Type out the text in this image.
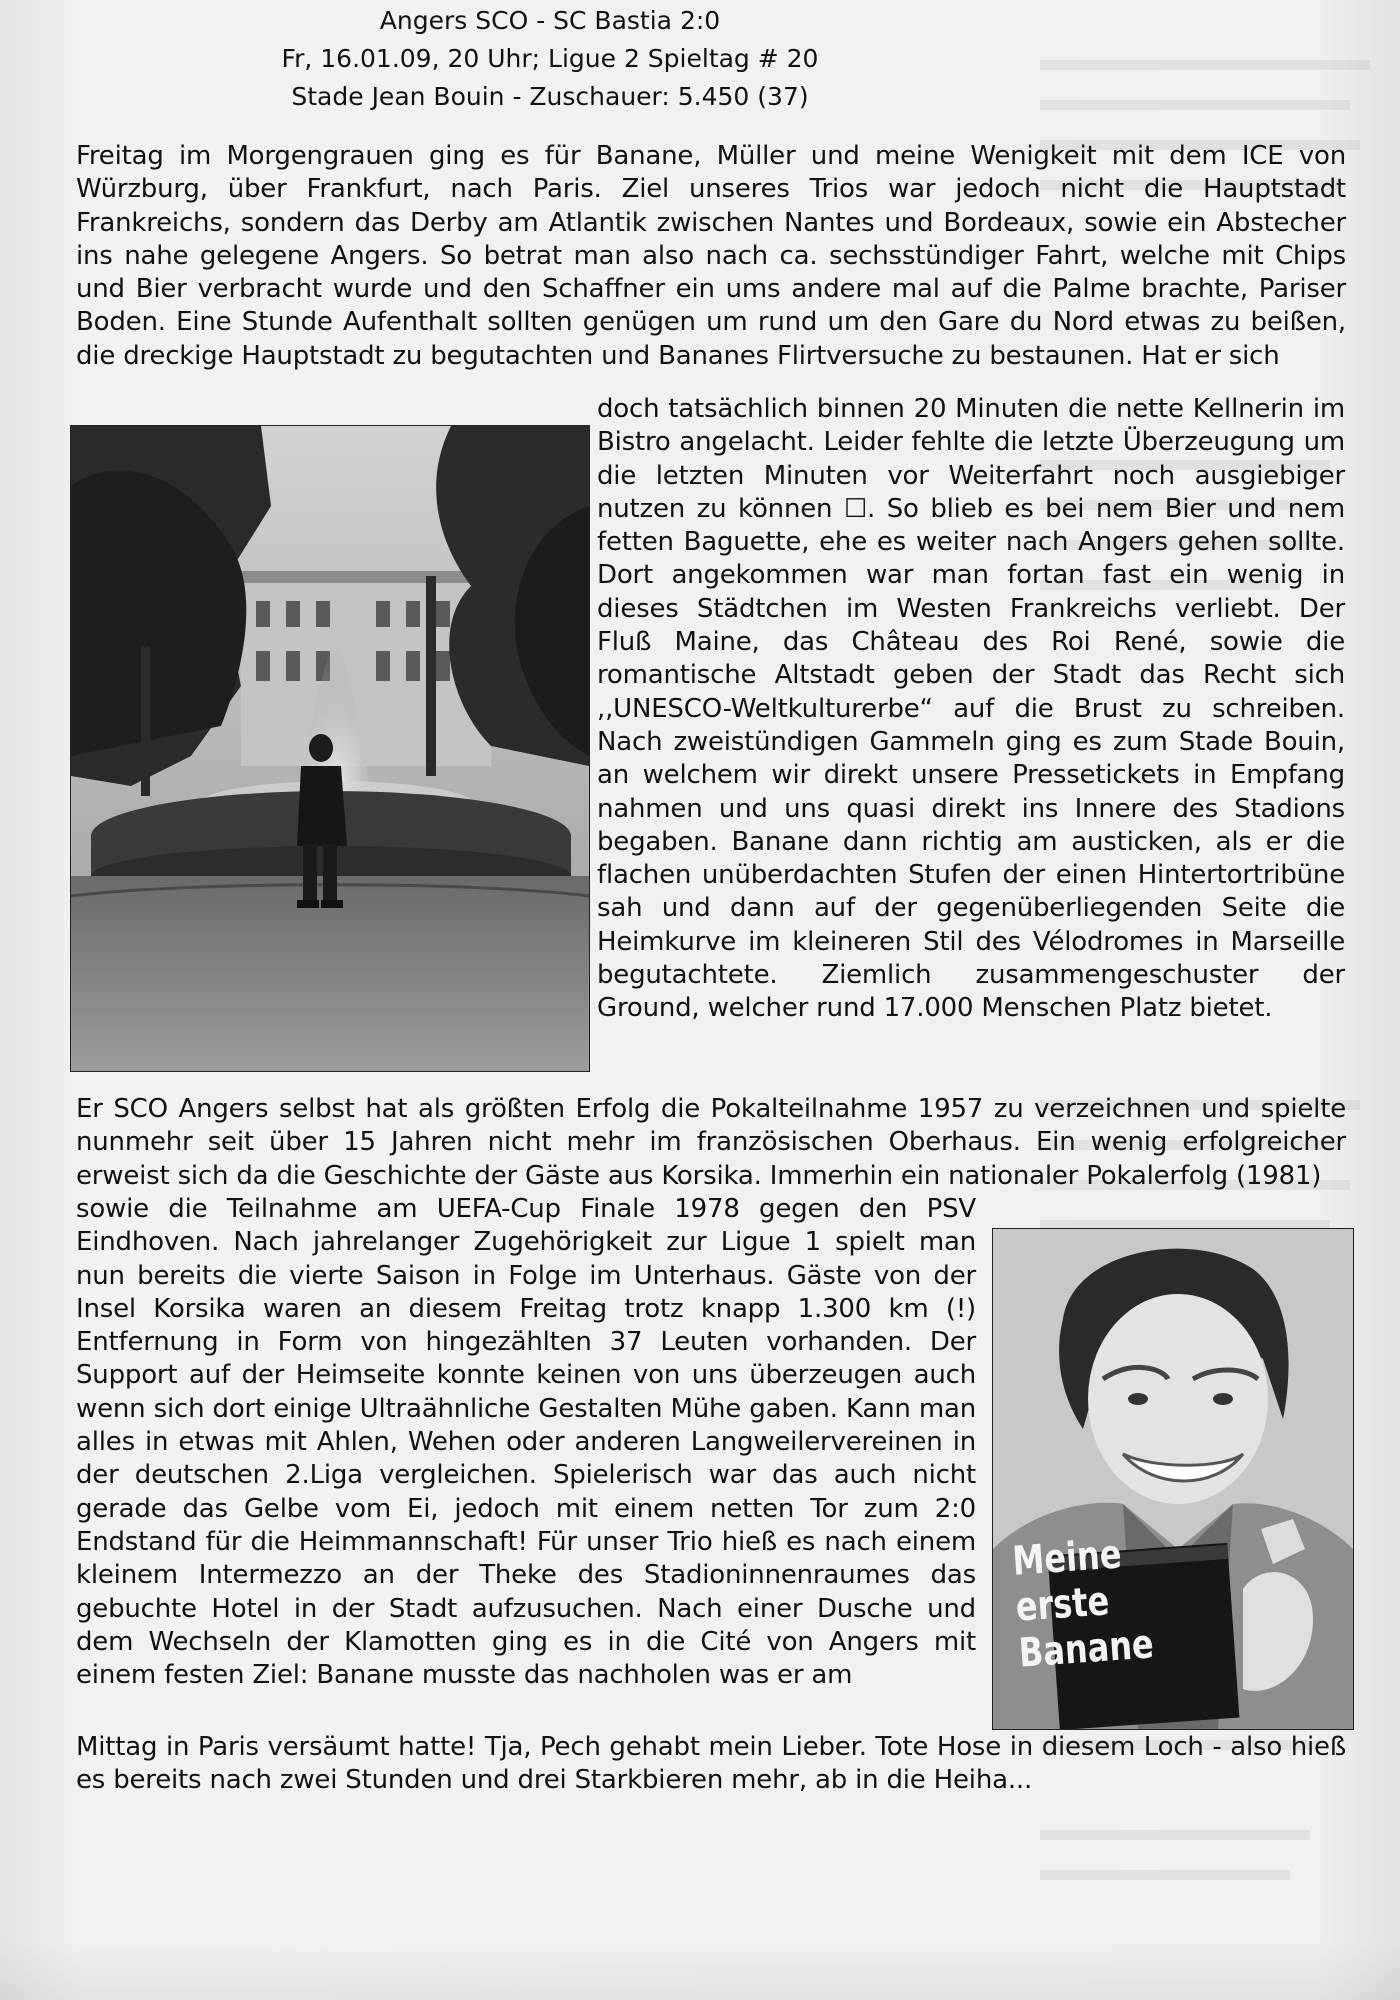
Angers SCO - SC Bastia 2:0
Fr, 16.01.09, 20 Uhr; Ligue 2 Spieltag # 20
Stade Jean Bouin - Zuschauer: 5.450 (37)
Freitag im Morgengrauen ging es für Banane, Müller und meine Wenigkeit mit dem ICE von Würzburg, über Frankfurt, nach Paris. Ziel unseres Trios war jedoch nicht die Hauptstadt Frankreichs, sondern das Derby am Atlantik zwischen Nantes und Bordeaux, sowie ein Abstecher ins nahe gelegene Angers. So betrat man also nach ca. sechsstündiger Fahrt, welche mit Chips und Bier verbracht wurde und den Schaffner ein ums andere mal auf die Palme brachte, Pariser Boden. Eine Stunde Aufenthalt sollten genügen um rund um den Gare du Nord etwas zu beißen, die dreckige Hauptstadt zu begutachten und Bananes Flirtversuche zu bestaunen. Hat er sich
doch tatsächlich binnen 20 Minuten die nette Kellnerin im Bistro angelacht. Leider fehlte die letzte Überzeugung um die letzten Minuten vor Weiterfahrt noch ausgiebiger nutzen zu können ☐. So blieb es bei nem Bier und nem fetten Baguette, ehe es weiter nach Angers gehen sollte. Dort angekommen war man fortan fast ein wenig in dieses Städtchen im Westen Frankreichs verliebt. Der Fluß Maine, das Château des Roi René, sowie die romantische Altstadt geben der Stadt das Recht sich ,,UNESCO-Weltkulturerbe“ auf die Brust zu schreiben. Nach zweistündigen Gammeln ging es zum Stade Bouin, an welchem wir direkt unsere Pressetickets in Empfang nahmen und uns quasi direkt ins Innere des Stadions begaben. Banane dann richtig am austicken, als er die flachen unüberdachten Stufen der einen Hintertortribüne sah und dann auf der gegenüberliegenden Seite die Heimkurve im kleineren Stil des Vélodromes in Marseille begutachtete. Ziemlich zusammengeschuster der Ground, welcher rund 17.000 Menschen Platz bietet.
Er SCO Angers selbst hat als größten Erfolg die Pokalteilnahme 1957 zu verzeichnen und spielte nunmehr seit über 15 Jahren nicht mehr im französischen Oberhaus. Ein wenig erfolgreicher erweist sich da die Geschichte der Gäste aus Korsika. Immerhin ein nationaler Pokalerfolg (1981)
Meine
erste
Banane
sowie die Teilnahme am UEFA-Cup Finale 1978 gegen den PSV Eindhoven. Nach jahrelanger Zugehörigkeit zur Ligue 1 spielt man nun bereits die vierte Saison in Folge im Unterhaus. Gäste von der Insel Korsika waren an diesem Freitag trotz knapp 1.300 km (!) Entfernung in Form von hingezählten 37 Leuten vorhanden. Der Support auf der Heimseite konnte keinen von uns überzeugen auch wenn sich dort einige Ultraähnliche Gestalten Mühe gaben. Kann man alles in etwas mit Ahlen, Wehen oder anderen Langweilervereinen in der deutschen 2.Liga vergleichen. Spielerisch war das auch nicht gerade das Gelbe vom Ei, jedoch mit einem netten Tor zum 2:0 Endstand für die Heimmannschaft! Für unser Trio hieß es nach einem kleinem Intermezzo an der Theke des Stadioninnenraumes das gebuchte Hotel in der Stadt aufzusuchen. Nach einer Dusche und dem Wechseln der Klamotten ging es in die Cité von Angers mit einem festen Ziel: Banane musste das nachholen was er am
Mittag in Paris versäumt hatte! Tja, Pech gehabt mein Lieber. Tote Hose in diesem Loch - also hieß es bereits nach zwei Stunden und drei Starkbieren mehr, ab in die Heiha...
